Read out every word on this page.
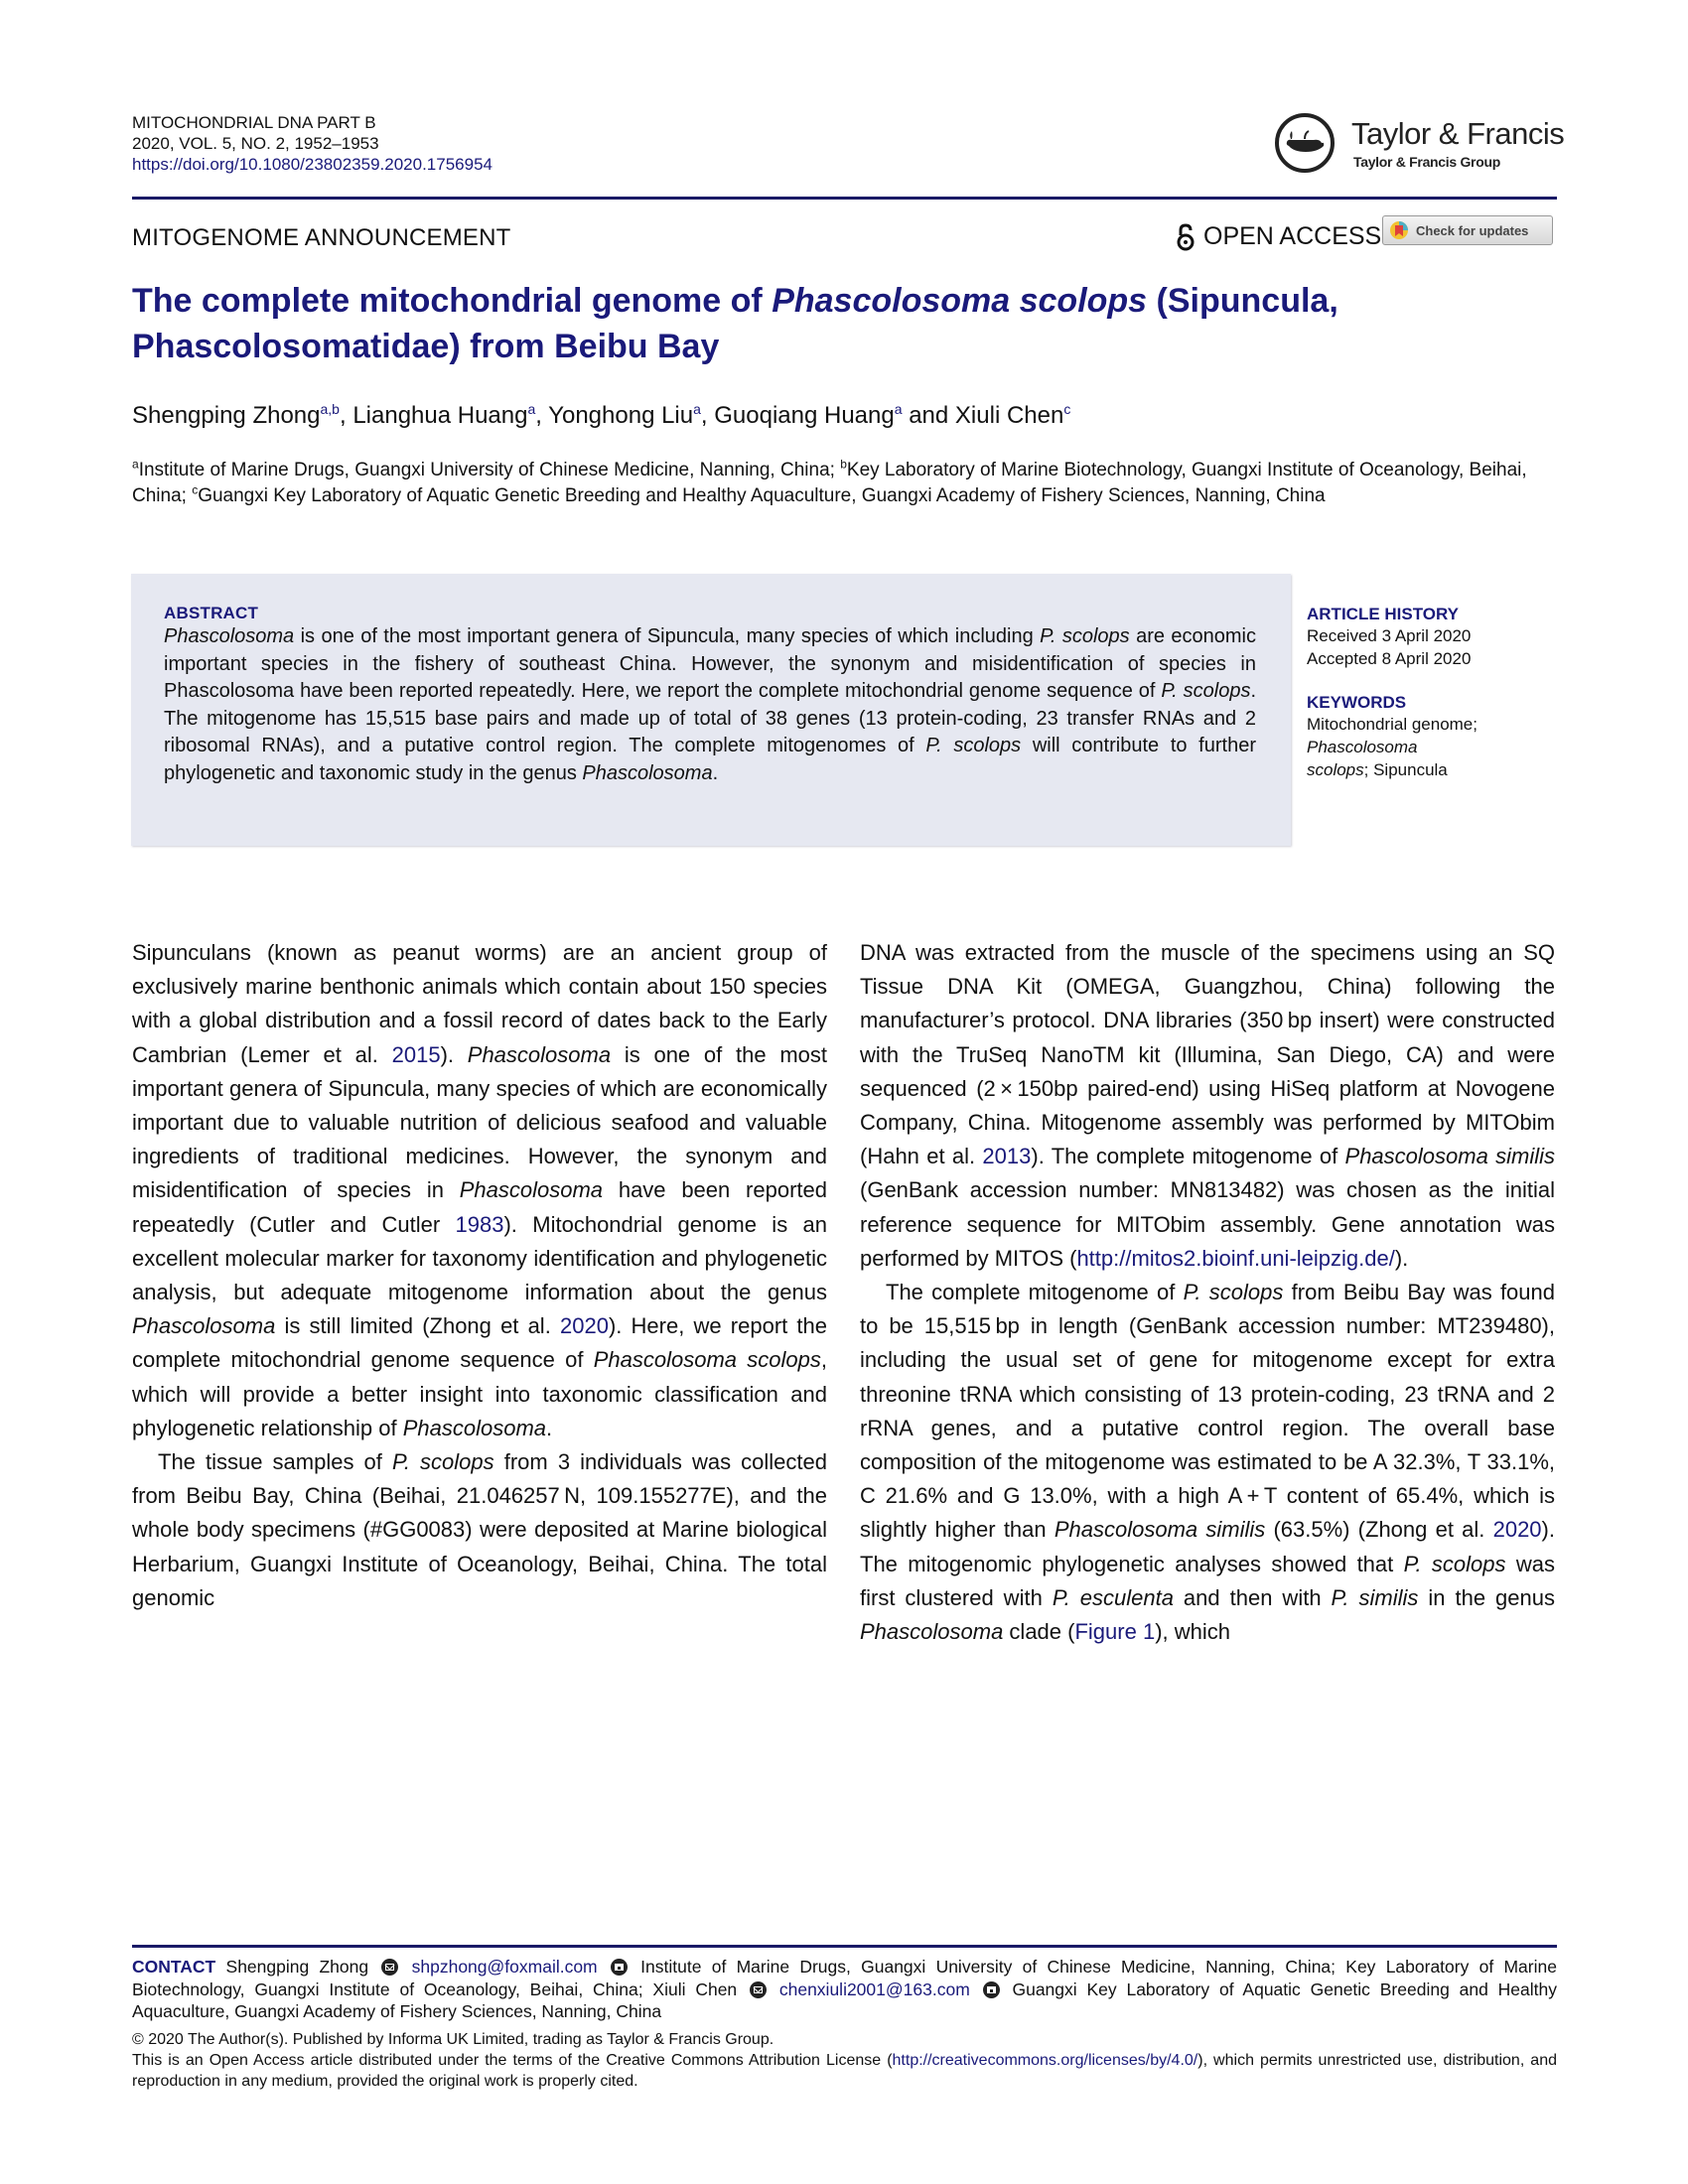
MITOCHONDRIAL DNA PART B
2020, VOL. 5, NO. 2, 1952–1953
https://doi.org/10.1080/23802359.2020.1756954
Taylor & Francis
Taylor & Francis Group
MITOGENOME ANNOUNCEMENT	OPEN ACCESS	Check for updates
The complete mitochondrial genome of Phascolosoma scolops (Sipuncula, Phascolosomatidae) from Beibu Bay
Shengping Zhong$^{a,b}$, Lianghua Huang$^a$, Yonghong Liu$^a$, Guoqiang Huang$^a$ and Xiuli Chen$^c$
$^a$Institute of Marine Drugs, Guangxi University of Chinese Medicine, Nanning, China; $^b$Key Laboratory of Marine Biotechnology, Guangxi Institute of Oceanology, Beihai, China; $^c$Guangxi Key Laboratory of Aquatic Genetic Breeding and Healthy Aquaculture, Guangxi Academy of Fishery Sciences, Nanning, China
ABSTRACT
Phascolosoma is one of the most important genera of Sipuncula, many species of which including P. scolops are economic important species in the fishery of southeast China. However, the synonym and misidentification of species in Phascolosoma have been reported repeatedly. Here, we report the complete mitochondrial genome sequence of P. scolops. The mitogenome has 15,515 base pairs and made up of total of 38 genes (13 protein-coding, 23 transfer RNAs and 2 ribosomal RNAs), and a putative control region. The complete mitogenomes of P. scolops will contribute to further phylogenetic and taxonomic study in the genus Phascolosoma.
ARTICLE HISTORY
Received 3 April 2020
Accepted 8 April 2020
KEYWORDS
Mitochondrial genome;
Phascolosoma
scolops; Sipuncula

Sipunculans (known as peanut worms) are an ancient group of exclusively marine benthonic animals which contain about 150 species with a global distribution and a fossil record of dates back to the Early Cambrian (Lemer et al. 2015). Phascolosoma is one of the most important genera of Sipuncula, many species of which are economically important due to valuable nutrition of delicious seafood and valuable ingredients of traditional medicines. However, the synonym and misidentification of species in Phascolosoma have been reported repeatedly (Cutler and Cutler 1983). Mitochondrial genome is an excellent molecular marker for taxonomy identification and phylogenetic analysis, but adequate mitogenome information about the genus Phascolosoma is still limited (Zhong et al. 2020). Here, we report the complete mitochondrial genome sequence of Phascolosoma scolops, which will provide a better insight into taxonomic classification and phylogenetic relationship of Phascolosoma.

The tissue samples of P. scolops from 3 individuals was collected from Beibu Bay, China (Beihai, 21.046257 N, 109.155277E), and the whole body specimens (#GG0083) were deposited at Marine biological Herbarium, Guangxi Institute of Oceanology, Beihai, China. The total genomic

DNA was extracted from the muscle of the specimens using an SQ Tissue DNA Kit (OMEGA, Guangzhou, China) following the manufacturer’s protocol. DNA libraries (350 bp insert) were constructed with the TruSeq NanoTM kit (Illumina, San Diego, CA) and were sequenced (2 × 150bp paired-end) using HiSeq platform at Novogene Company, China. Mitogenome assembly was performed by MITObim (Hahn et al. 2013). The complete mitogenome of Phascolosoma similis (GenBank accession number: MN813482) was chosen as the initial reference sequence for MITObim assembly. Gene annotation was performed by MITOS (http://mitos2.bioinf.uni-leipzig.de/).

The complete mitogenome of P. scolops from Beibu Bay was found to be 15,515 bp in length (GenBank accession number: MT239480), including the usual set of gene for mitogenome except for extra threonine tRNA which consisting of 13 protein-coding, 23 tRNA and 2 rRNA genes, and a putative control region. The overall base composition of the mitogenome was estimated to be A 32.3%, T 33.1%, C 21.6% and G 13.0%, with a high A + T content of 65.4%, which is slightly higher than Phascolosoma similis (63.5%) (Zhong et al. 2020). The mitogenomic phylogenetic analyses showed that P. scolops was first clustered with P. esculenta and then with P. similis in the genus Phascolosoma clade (Figure 1), which

CONTACT Shengping Zhong shpzhong@foxmail.com Institute of Marine Drugs, Guangxi University of Chinese Medicine, Nanning, China; Key Laboratory of Marine Biotechnology, Guangxi Institute of Oceanology, Beihai, China; Xiuli Chen chenxiuli2001@163.com Guangxi Key Laboratory of Aquatic Genetic Breeding and Healthy Aquaculture, Guangxi Academy of Fishery Sciences, Nanning, China
© 2020 The Author(s). Published by Informa UK Limited, trading as Taylor & Francis Group.
This is an Open Access article distributed under the terms of the Creative Commons Attribution License (http://creativecommons.org/licenses/by/4.0/), which permits unrestricted use, distribution, and reproduction in any medium, provided the original work is properly cited.
